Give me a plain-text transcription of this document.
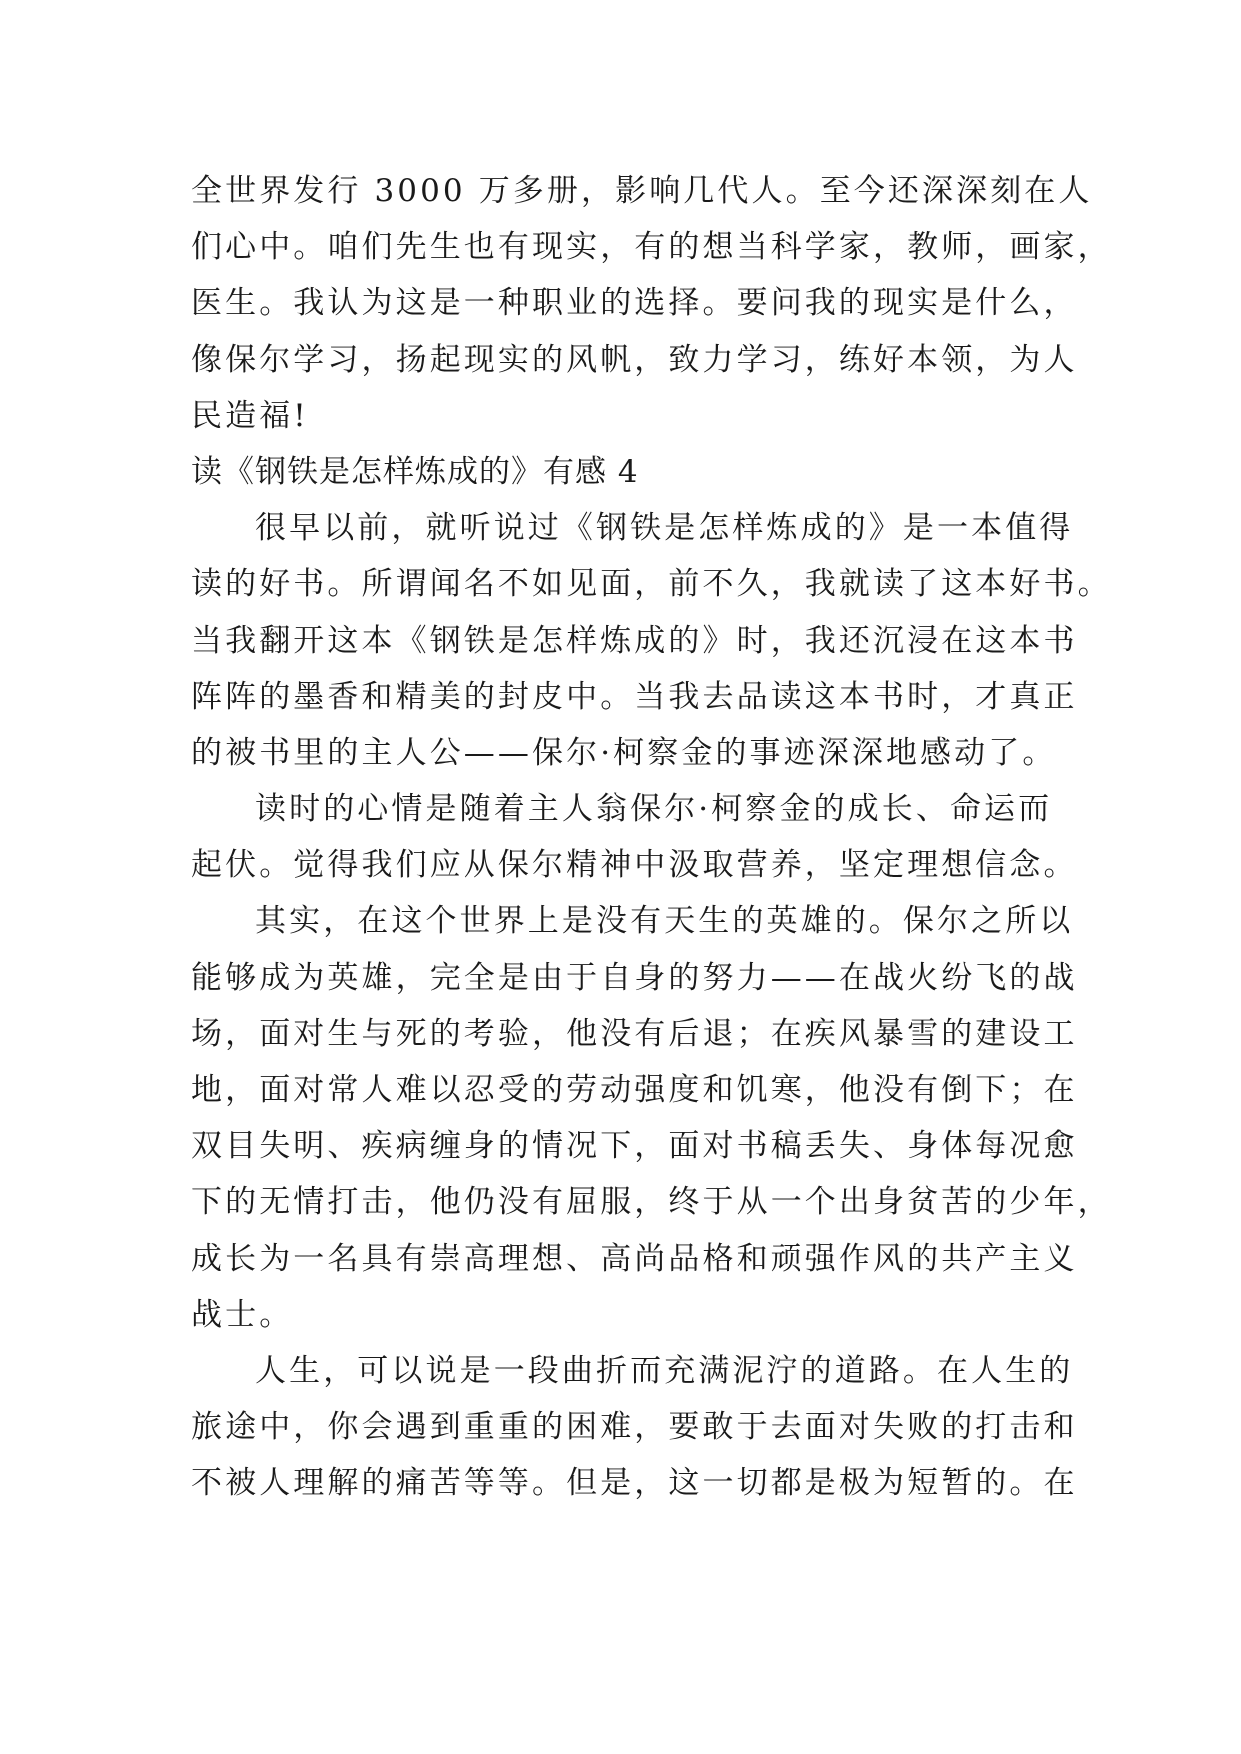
全世界发行 3000 万多册，影响几代人。至今还深深刻在人
们心中。咱们先生也有现实，有的想当科学家，教师，画家，
医生。我认为这是一种职业的选择。要问我的现实是什么，
像保尔学习，扬起现实的风帆，致力学习，练好本领，为人
民造福!
读《钢铁是怎样炼成的》有感 4
很早以前，就听说过《钢铁是怎样炼成的》是一本值得
读的好书。所谓闻名不如见面，前不久，我就读了这本好书。
当我翻开这本《钢铁是怎样炼成的》时，我还沉浸在这本书
阵阵的墨香和精美的封皮中。当我去品读这本书时，才真正
的被书里的主人公——保尔·柯察金的事迹深深地感动了。
读时的心情是随着主人翁保尔·柯察金的成长、命运而
起伏。觉得我们应从保尔精神中汲取营养，坚定理想信念。
其实，在这个世界上是没有天生的英雄的。保尔之所以
能够成为英雄，完全是由于自身的努力——在战火纷飞的战
场，面对生与死的考验，他没有后退；在疾风暴雪的建设工
地，面对常人难以忍受的劳动强度和饥寒，他没有倒下；在
双目失明、疾病缠身的情况下，面对书稿丢失、身体每况愈
下的无情打击，他仍没有屈服，终于从一个出身贫苦的少年，
成长为一名具有崇高理想、高尚品格和顽强作风的共产主义
战士。
人生，可以说是一段曲折而充满泥泞的道路。在人生的
旅途中，你会遇到重重的困难，要敢于去面对失败的打击和
不被人理解的痛苦等等。但是，这一切都是极为短暂的。在
